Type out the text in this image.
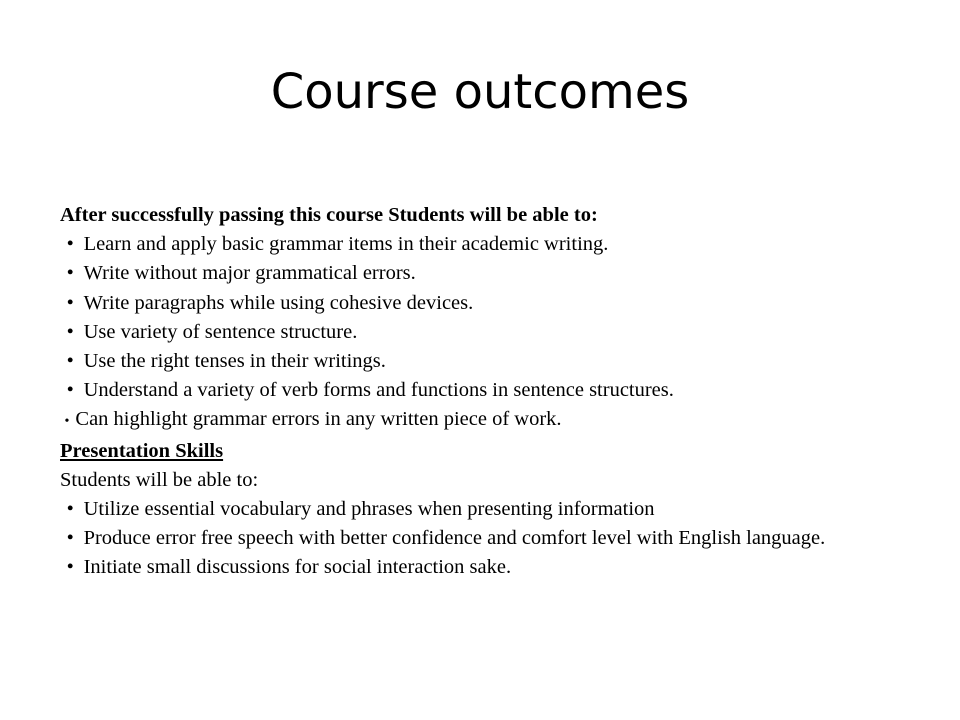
Course outcomes

After successfully passing this course Students will be able to:

• Learn and apply basic grammar items in their academic writing.

• Write without major grammatical errors.

• Write paragraphs while using cohesive devices.

• Use variety of sentence structure.

• Use the right tenses in their writings.

• Understand a variety of verb forms and functions in sentence structures.

• Can highlight grammar errors in any written piece of work.

Presentation Skills

Students will be able to:

• Utilize essential vocabulary and phrases when presenting information

• Produce error free speech with better confidence and comfort level with English language.

• Initiate small discussions for social interaction sake.
